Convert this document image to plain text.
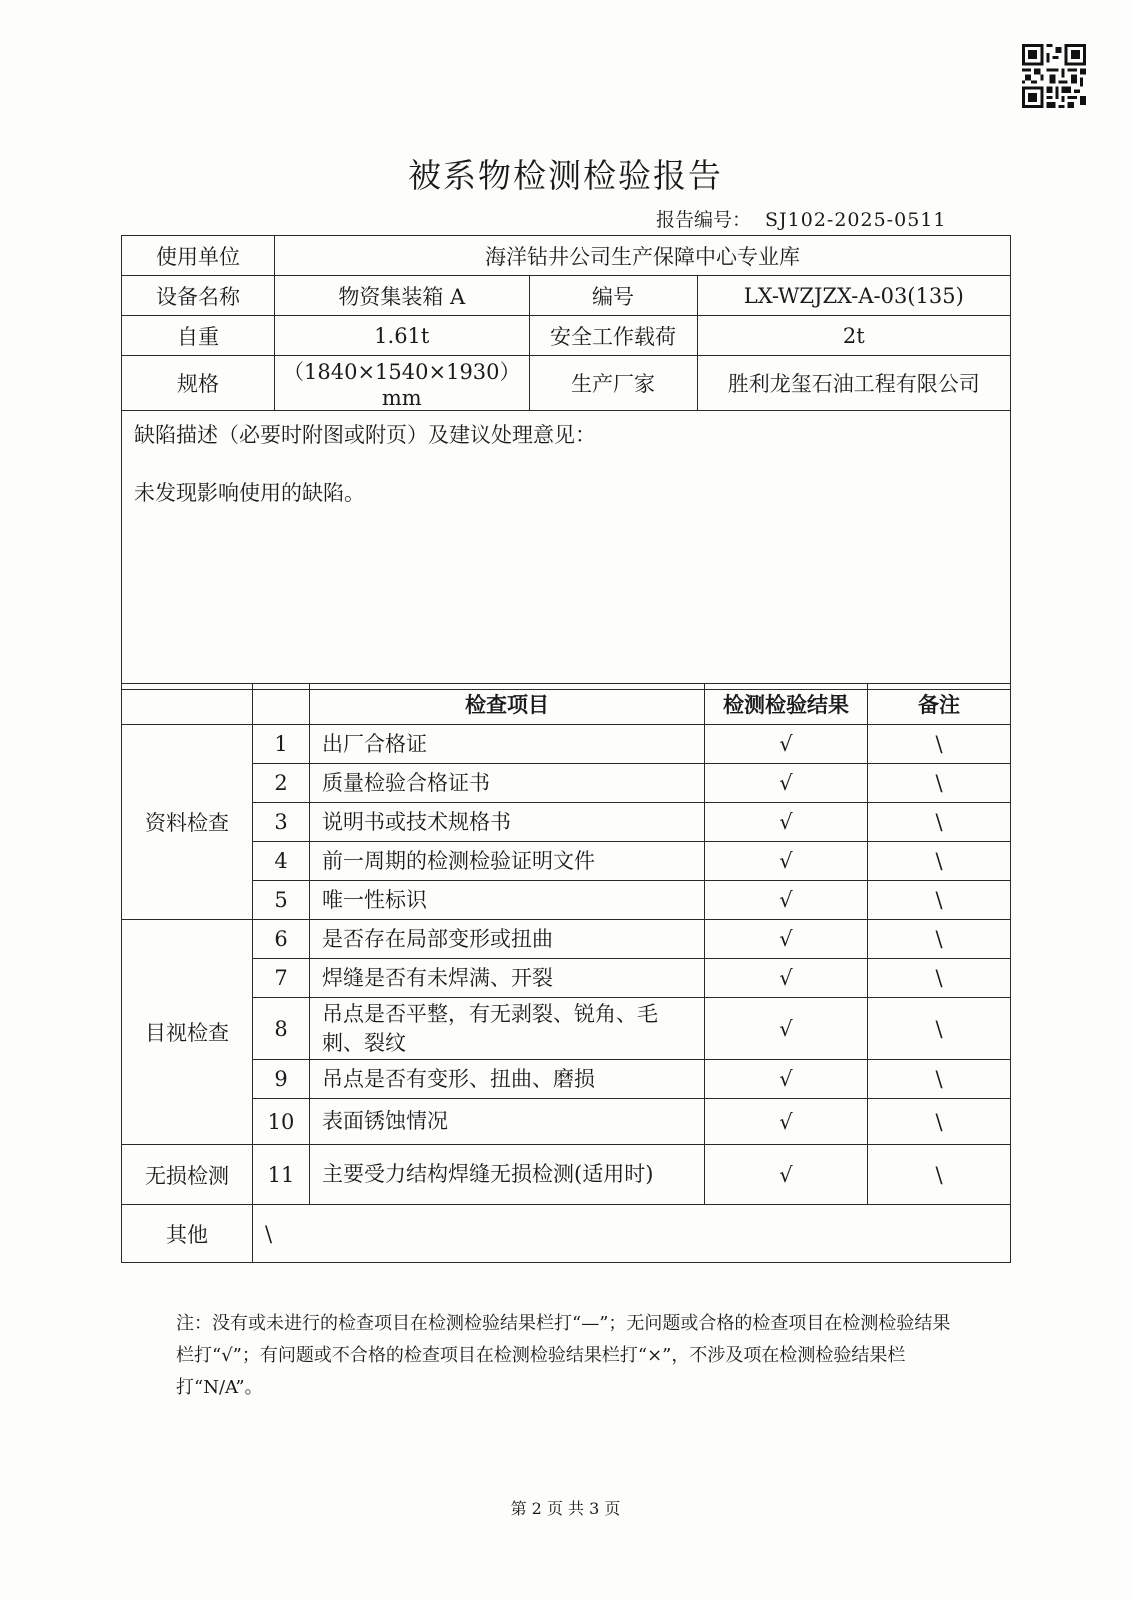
被系物检测检验报告
报告编号： SJ102-2025-0511
使用单位	海洋钻井公司生产保障中心专业库		
设备名称	物资集装箱 A	编号	LX-WZJZX-A-03(135)
自重	1.61t	安全工作载荷	2t
规格	（1840×1540×1930）mm	生产厂家	胜利龙玺石油工程有限公司

缺陷描述（必要时附图或附页）及建议处理意见：
未发现影响使用的缺陷。			
		检查项目	检测检验结果	备注
资料检查	1	出厂合格证	√	\
	2	质量检验合格证书	√	\
	3	说明书或技术规格书	√	\
	4	前一周期的检测检验证明文件	√	\
	5	唯一性标识	√	\
目视检查	6	是否存在局部变形或扭曲	√	\
	7	焊缝是否有未焊满、开裂	√	\
	8	吊点是否平整，有无剥裂、锐角、毛刺、裂纹	√	\
	9	吊点是否有变形、扭曲、磨损	√	\
	10	表面锈蚀情况	√	\
无损检测	11	主要受力结构焊缝无损检测(适用时)	√	\
其他	\			

注：没有或未进行的检查项目在检测检验结果栏打“—”；无问题或合格的检查项目在检测检验结果栏打“√”；有问题或不合格的检查项目在检测检验结果栏打“×”，不涉及项在检测检验结果栏打“N/A”。

第 2 页 共 3 页
